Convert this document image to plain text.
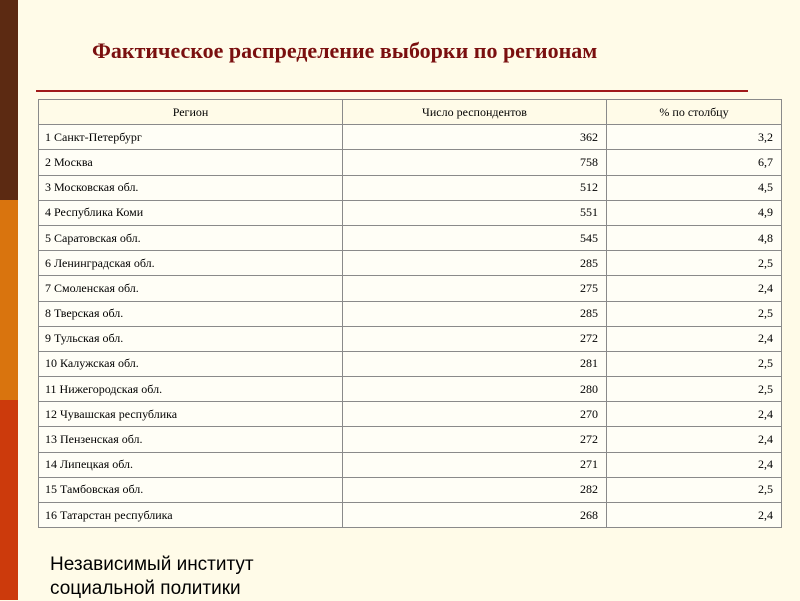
Фактическое распределение выборки по регионам
Регион	Число респондентов	% по столбцу
1 Санкт-Петербург	362	3,2
2 Москва	758	6,7
3 Московская обл.	512	4,5
4 Республика Коми	551	4,9
5 Саратовская обл.	545	4,8
6 Ленинградская обл.	285	2,5
7 Смоленская обл.	275	2,4
8 Тверская обл.	285	2,5
9 Тульская обл.	272	2,4
10 Калужская обл.	281	2,5
11 Нижегородская обл.	280	2,5
12 Чувашская республика	270	2,4
13 Пензенская обл.	272	2,4
14 Липецкая обл.	271	2,4
15 Тамбовская обл.	282	2,5
16 Татарстан республика	268	2,4
Независимый институт
социальной политики
